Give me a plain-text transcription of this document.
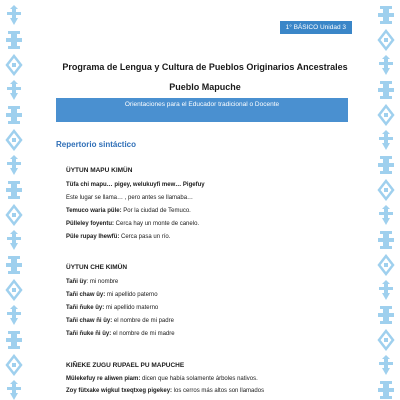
1° BÁSICO Unidad 3
Programa de Lengua y Cultura de Pueblos Originarios Ancestrales
Pueblo Mapuche
Orientaciones para el Educador tradicional o Docente
Repertorio sintáctico
ÜYTUN MAPU KIMÜN
Tüfa chi mapu… pigey, welukuyfi mew… Pigefuy
Este lugar se llama… , pero antes se llamaba…
Temuco waria püle: Por la ciudad de Temuco.
Pülleley foyentu: Cerca hay un monte de canelo.
Püle rupay lhewfü: Cerca pasa un río.
ÜYTUN CHE KIMÜN
Tañi üy: mi nombre
Tañi chaw üy: mi apellido paterno
Tañi ñuke üy: mi apellido materno
Tañi chaw ñi üy: el nombre de mi padre
Tañi ñuke ñi üy: el nombre de mi madre
KIÑEKE ZUGU RUPAEL PU MAPUCHE
Mülekefuy re aliwen piam: dicen que había solamente árboles nativos.
Zoy fütxake wigkul txeqtxeg pigekey: los cerros más altos son llamados
